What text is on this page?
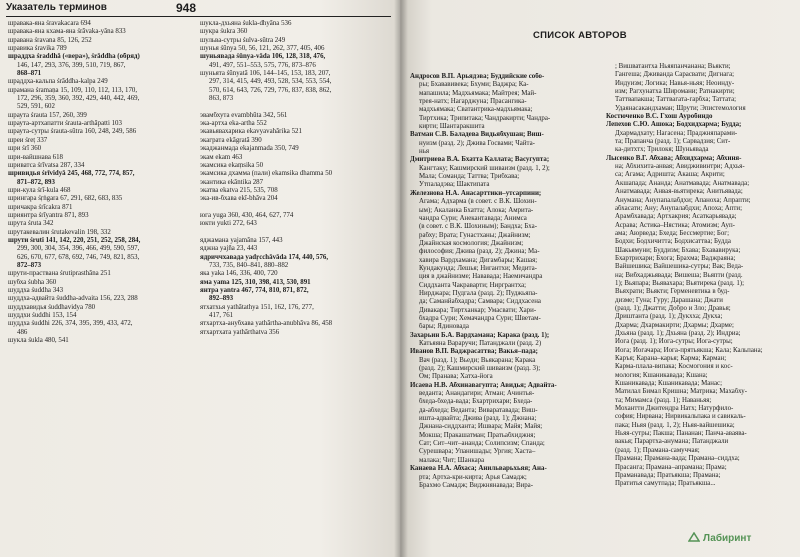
Указатель терминов	948
шравака-яна śravakacara 694
шравака-яна кхама-яна śrāvaka-yāna 833
шравана śravana 85, 126, 252
шравика śravika 789
шраддха śraddhā («вера»), śrāddha (обряд)
146, 147, 293, 376, 399, 510, 719, 867,
868–871
шраддха-кальпа śrāddha-kalpa 249
шрамана śramaṇa 15, 109, 110, 112, 113, 170,
172, 296, 359, 360, 392, 429, 440, 442, 469,
529, 591, 602
шраута śrauta 157, 260, 399
шраута-артхапатти śrauta-arthāpatti 103
шраута-сутры śrauta-sūtra 160, 248, 249, 586
шреи śreṭ 337
шри śrī 360
шри-вайшнава 618
шриватса śrīvatsa 287, 334
шривидья śrīvidyā 245, 468, 772, 774, 857,
871–872, 893
шри-кула śrī-kula 468
шрингара śṛṅgara 67, 291, 682, 683, 835
шричакра śrīcakra 871
шриянтра śrīyantra 871, 893
шрута śruta 342
шрутакевалин śrutakevalin 198, 332
шрути śruti 141, 142, 220, 251, 252, 258, 284,
299, 300, 304, 354, 396, 466, 499, 590, 597,
626, 670, 677, 678, 692, 746, 749, 821, 853,
872–873
шрути-праствана śrutiprasthāna 251
шубха śubha 360
шуддха śuddha 343
шуддха-адвайта śuddha-advaita 156, 223, 288
шуддхавидья śuddhavidya 780
шуддхи śuddhi 153, 154
шуддха śuddhi 226, 374, 395, 399, 433, 472,
486
шукла śukla 480, 541
шукла-дхьяна śukla-dhyāna 536
шукра śukra 360
шульва-сутры śulva-sūtra 249
шунья śūnya 50, 56, 121, 262, 377, 405, 406
шуньявада śūnya-vāda 106, 128, 318, 476,
491, 497, 551–553, 575, 776, 873–876
шуньята śūnyatā 106, 144–145, 153, 183, 207,
297, 314, 415, 449, 493, 528, 534, 553, 554,
570, 614, 643, 726, 729, 776, 837, 838, 862,
863, 873
эвамбхута evambhūta 342, 561
эка-артха eka-artha 552
экавьявахарика ekavyavahārika 521
экаграта ekāgratā 390
экаджанмада ekajanmada 350, 749
экам ekam 463
экамсика ekaṃsika 50
экамсика дхамма (пали) ekamsika dhamma 50
экантика ekāntika 287
экатва ekatva 215, 535, 708
эка-ив-бхава ekī-bhāva 204
юга yuga 360, 430, 464, 627, 774
юкти yukti 272, 643
яджамана yajamāna 157, 443
яджна yajña 23, 443
ядриччхавада yadṛcchāvāda 174, 440, 576,
733, 735, 840–841, 880–882
яка yaka 146, 336, 400, 720
яма yama 125, 310, 398, 413, 530, 891
янтра yantra 467, 774, 810, 871, 872,
892–893
ятхатхья yathātathya 151, 162, 176, 277,
417, 761
ятхартха-анубхава yathārtha-anubhāva 86, 458
ятхартхата yathārthatva 356
СПИСОК АВТОРОВ
Андросов В.П. Арьядэва; Буддийские собо-
ры; Бхававивека; Бхуми; Ваджра; Ка-
мапашила; Мадхьямака; Майтрея; Май-
трея-натх; Нагарджуна; Прасангика-
мадхьямака; Сватантрика-мадхьямака;
Тиртхика; Трипитака; Чандракирти; Чандра-
кирти; Шантаракшита
Ватман С.В. Баладева Видьябхушан; Виш-
нуизм (разд. 2); Джива Госвами; Чайта-
нья
Дмитриева В.А. Бхатта Каллата; Васугупта;
Кангтаку; Кашмирский шиваизм (разд. 1, 2);
Мала; Соманда; Таттва; Трибхава;
Утпаладэва; Шактипата
Железнова Н.А. Анасарттики–утсарпини;
Агама; Адхарма (в совет. с В.К. Шохин-
ым); Акаланка Бхатта; Алока; Амрита-
чандра Сури; Анекантавада; Анимса
(в совет. с В.К. Шохиным); Бандха; Бха-
рабху; Врата; Гунастханы; Джайнизм;
Джайнская космология; Джайнизм;
философия; Джива (разд. 2); Джина; Ма-
хавира Вардхамана; Дигамбары; Кашая;
Кундакунда; Лешья; Нигантхи; Медита-
ция в джайнизме; Нававада; Наемичандра
Сиддханта Чакраварти; Ниргрантха;
Нирджара; Пудгала (разд. 2); Пуджьяпа-
да; Саманйабхадра; Самвара; Сиддхасена
Дивакара; Тиртханкар; Умасвати; Хари-
бхадра Сури; Хемачандра Сури; Шветам-
бары; Ядиновада
Захарьин Б.А. Вардхамана; Карака (разд. 1);
Катьяяна Вараручи; Патанджали (разд. 2)
Иванов В.П. Ваджрасаттва; Вакья–пада;
Вач (разд. 1); Вьеди; Вьякарана; Карака
(разд. 2); Кашмирский шиваизм (разд. 3);
Ом; Пранава; Хатха-йога
Исаева Н.В. Абхинавагупта; Авидья; Адвайта-
веданта; Анандагири; Атман; Ачинтья-
бхеда-бхеда-вада; Бхартрихари; Бхеда-
да-абхеда; Веданта; Виваратавада; Виш-
ишта-адвайта; Джива (разд. 1); Джнана;
Джнана-сиддханта; Ишвара; Майя; Майя;
Мокша; Пракашатман; Пратьабхиджня;
Сат; Сит–чит–ананда; Солипсизм; Спанда;
Сурешвара; Упанишады; Ургия; Хаста–
малака; Чит; Шанкара
Канаева Н.А. Абхаса; Анильварьхьяя; Ана-
рта; Артха-кри-кирта; Арья Самадж;
Брахмо Самадж; Виджнянавада; Вира-
; Вишватантха Ньяяпанчанана; Вьякти;
Гангеша; Дживанда Сарасвати; Дигнага;
Индуизм; Логика; Навья-ньяя; Неоинду-
изм; Рагхунатха Широмани; Ратнакирти;
Таттвапакша; Таттвагата-гарбха; Таттата;
Удаянасакандхаман; Шрути; Эпистемология
Костюченко В.С. Гхош Ауробиндо
Лепехов С.Ю. Ашока; Бодхидхарма; Будда;
Дхармадхату; Нагасена; Праджняпарами-
та; Прапанча (разд. 1); Сарвадзия; Сит-
ка-дитхтх; Трилокя; Шуньявада
Лысенко В.Г. Абхава; Абхидхарма; Абхиня-
на; Абхихита-анвая; Авидживинтри; Адхья-
са; Агама; Адришта; Акаша; Акрити;
Акшапада; Ананда; Анатмавада; Анатмавада;
Анатмавада; Анвая-вьятирека; Анитьявада;
Анумана; Анупапалабдхи; Апаноха; Апрапти;
абхасати; Ану; Анупалабдхи; Апоха; Апти;
Арамбхавада; Артхакрия; Асаткарьявада;
Асрава; Астика–Нястика; Атомизм; Ауп-
ама; Аюрведа; Бхеда; Бессмертие; Бог;
Бодхи; Бодхичитта; Бодхисаттва; Будда
Шакьямуни; Буддизм; Бхава; Бхававирука;
Бхартрихари; Бхога; Брахма; Ваджраяна;
Вайшешика; Вайшешика-сутры; Вак; Веда-
на; Вибхаджьявада; Вишеша; Вьяпти (разд.
1); Вьяпара; Вьявахара; Вьятирека (разд. 1);
Вьяхрати; Вьякти; Герменевтика в буд-
дизме; Гуна; Гуру; Дарашана; Джати
(разд. 1); Джатти; Добро и Зло; Дравья;
Дриштанта (разд. 1); Дукхха; Дукха;
Дхарма; Дхармакирти; Дхармы; Дхарме;
Дхьяна (разд. 1); Дхьяна (разд. 2); Индриа;
Йога (разд. 1); Йога-сутры; Йога-сутры;
Йога; Йогачара; Йога-прятьякша; Кала; Кальпана;
Каръя; Карана–карья; Карма; Карман;
Карма-плала-випака; Космогония и кос-
мология; Кшаникавада; Кшана;
Кшаникавада; Кшаникавада; Манас;
Матилал Бимал Кришна; Матрика; Махабху-
та; Мимамса (разд. 1); Наваньяя;
Мохантти Джитендра Натх; Натурфило-
софия; Нирвана; Нирвикальпака и савикаль-
пака; Ньяя (разд. 1, 2); Ньяя-вайшешика;
Ньяя-сутры; Пакша; Пананан; Панча-аваява-
вакья; Парартха-анумана; Патанджали
(разд. 1); Прамана-самуччая;
Прамана; Прамана-вада; Прамана–сиддха;
Прасанга; Прамана–апрамана; Прама;
Праманавада; Пратьякша; Прамана;
Пратитья самутпада; Пратьякша...
Лабиринт
